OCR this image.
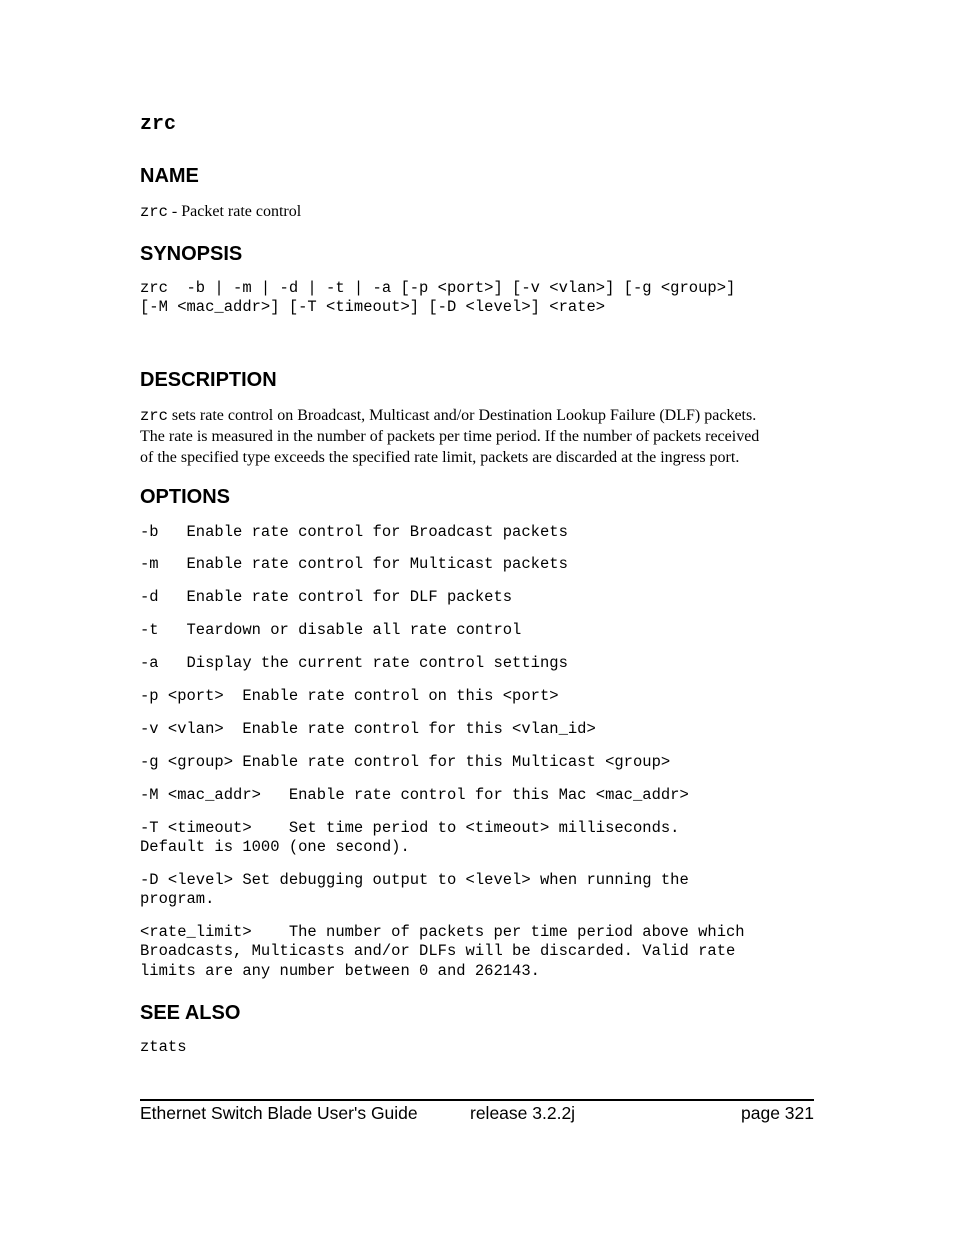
zrc
NAME

zrc - Packet rate control

SYNOPSIS
zrc  -b | -m | -d | -t | -a [-p <port>] [-v <vlan>] [-g <group>]
[-M <mac_addr>] [-T <timeout>] [-D <level>] <rate>
DESCRIPTION
zrc sets rate control on Broadcast, Multicast and/or Destination Lookup Failure (DLF) packets.
The rate is measured in the number of packets per time period. If the number of packets received
of the specified type exceeds the specified rate limit, packets are discarded at the ingress port.
OPTIONS
-b   Enable rate control for Broadcast packets
-m   Enable rate control for Multicast packets
-d   Enable rate control for DLF packets
-t   Teardown or disable all rate control
-a   Display the current rate control settings
-p <port>  Enable rate control on this <port>
-v <vlan>  Enable rate control for this <vlan_id>
-g <group> Enable rate control for this Multicast <group>
-M <mac_addr>   Enable rate control for this Mac <mac_addr>
-T <timeout>    Set time period to <timeout> milliseconds.
Default is 1000 (one second).
-D <level> Set debugging output to <level> when running the
program.
<rate_limit>    The number of packets per time period above which
Broadcasts, Multicasts and/or DLFs will be discarded. Valid rate
limits are any number between 0 and 262143.
SEE ALSO
ztats
Ethernet Switch Blade User's Guide	release 3.2.2j	page 321
